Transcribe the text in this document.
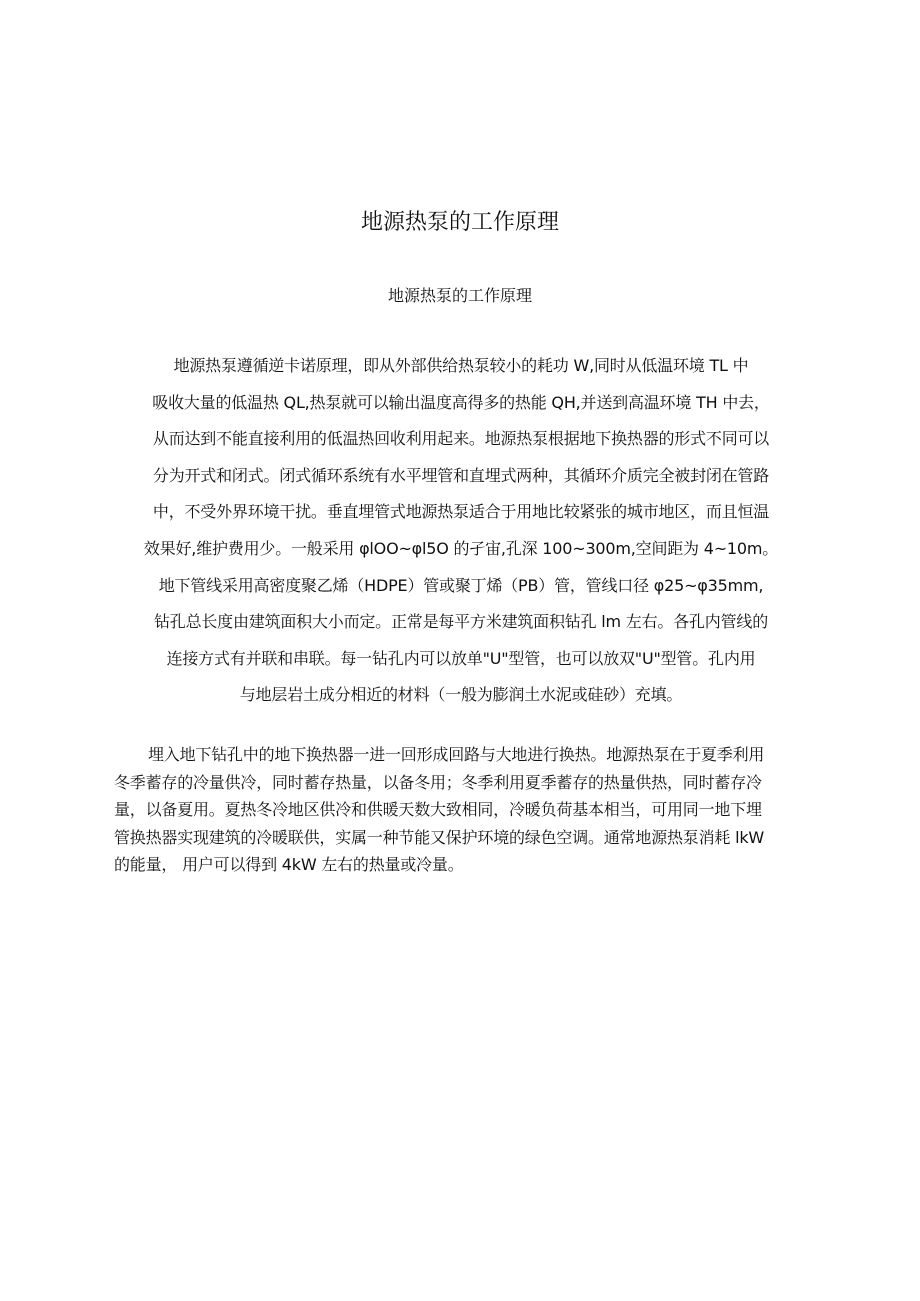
地源热泵的工作原理
地源热泵的工作原理
地源热泵遵循逆卡诺原理，即从外部供给热泵较小的耗功 W,同时从低温环境 TL 中
吸收大量的低温热 QL,热泵就可以输出温度高得多的热能 QH,并送到高温环境 TH 中去，
从而达到不能直接利用的低温热回收利用起来。地源热泵根据地下换热器的形式不同可以
分为开式和闭式。闭式循环系统有水平埋管和直埋式两种，其循环介质完全被封闭在管路
中，不受外界环境干扰。垂直埋管式地源热泵适合于用地比较紧张的城市地区，而且恒温
效果好,维护费用少。一般采用 φlOO~φl5O 的孑宙,孔深 100~300m,空间距为 4~10m。
地下管线采用高密度聚乙烯（HDPE）管或聚丁烯（PB）管，管线口径 φ25~φ35mm,
钻孔总长度由建筑面积大小而定。正常是每平方米建筑面积钻孔 lm 左右。各孔内管线的
连接方式有并联和串联。每一钻孔内可以放单"U"型管，也可以放双"U"型管。孔内用
与地层岩土成分相近的材料（一般为膨润土水泥或硅砂）充填。
埋入地下钻孔中的地下换热器一进一回形成回路与大地进行换热。地源热泵在于夏季利用
冬季蓄存的冷量供冷，同时蓄存热量，以备冬用；冬季利用夏季蓄存的热量供热，同时蓄存冷
量，以备夏用。夏热冬冷地区供冷和供暖天数大致相同，冷暖负荷基本相当，可用同一地下埋
管换热器实现建筑的冷暖联供，实属一种节能又保护环境的绿色空调。通常地源热泵消耗 lkW
的能量， 用户可以得到 4kW 左右的热量或冷量。
